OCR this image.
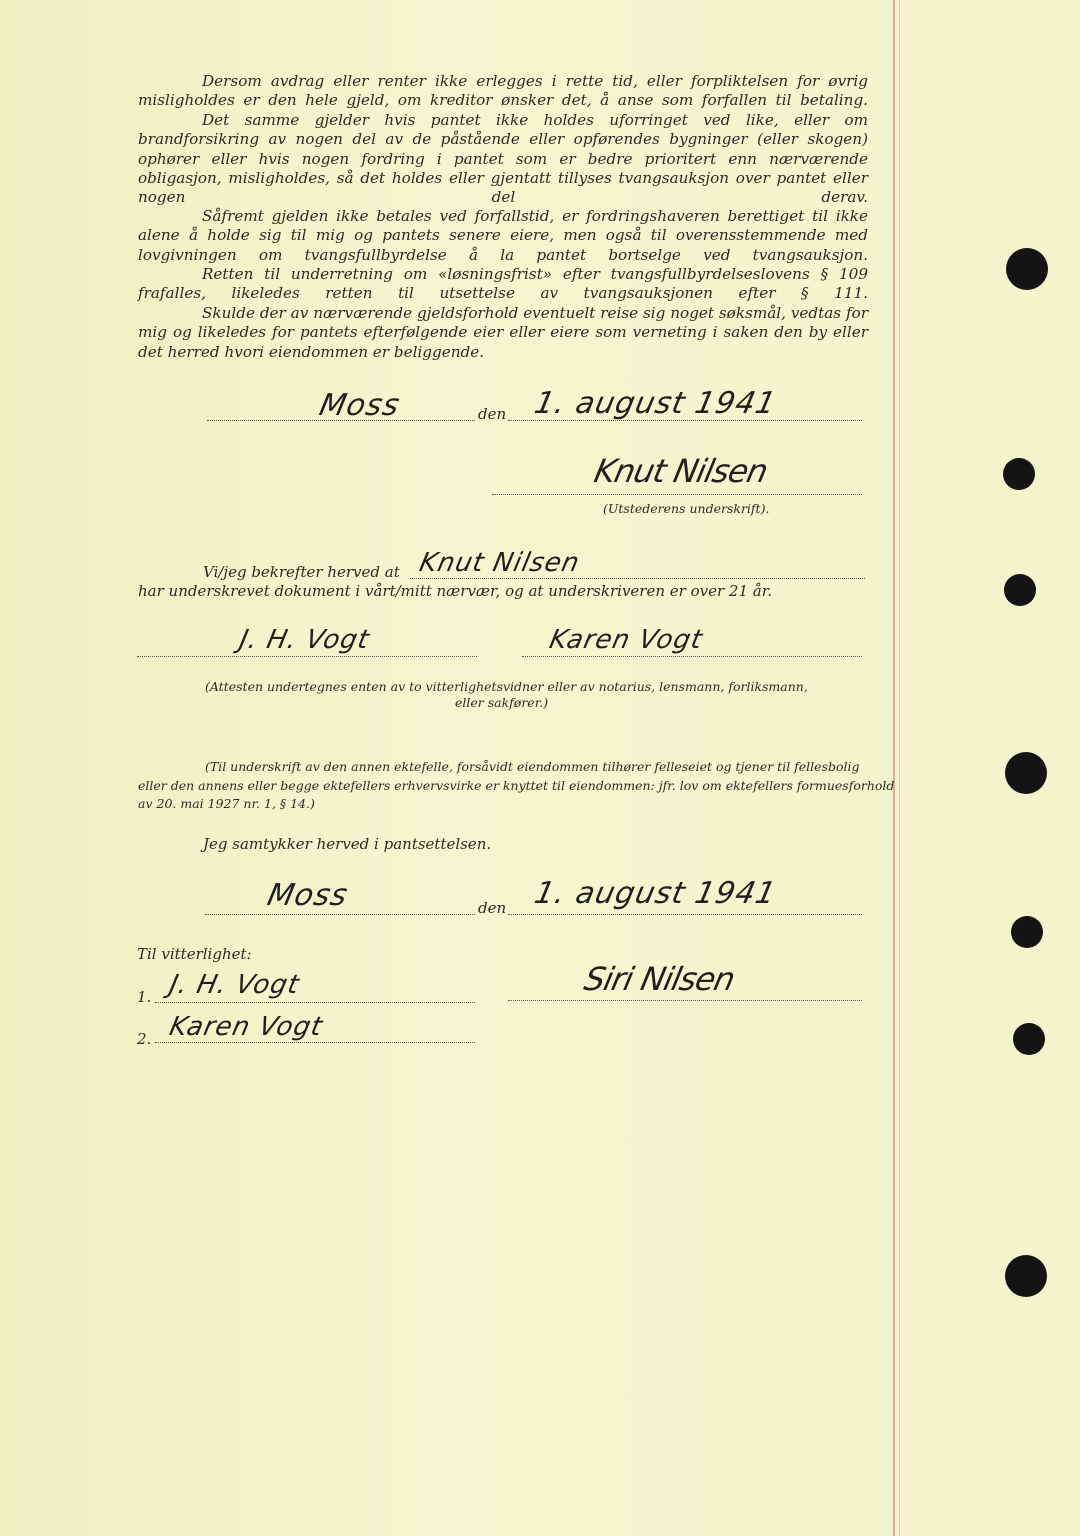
Dersom avdrag eller renter ikke erlegges i rette tid, eller forpliktelsen for øvrig misligholdes er den hele gjeld, om kreditor ønsker det, å anse som forfallen til betaling.

Det samme gjelder hvis pantet ikke holdes uforringet ved like, eller om brandforsikring av nogen del av de påstående eller opførendes bygninger (eller skogen) ophører eller hvis nogen fordring i pantet som er bedre prioritert enn nærværende obligasjon, misligholdes, så det holdes eller gjentatt tillyses tvangsauksjon over pantet eller nogen del derav.

Såfremt gjelden ikke betales ved forfallstid, er fordringshaveren berettiget til ikke alene å holde sig til mig og pantets senere eiere, men også til overensstemmende med lovgivningen om tvangsfullbyrdelse å la pantet bortselge ved tvangsauksjon.

Retten til underretning om «løsningsfrist» efter tvangsfullbyrdelseslovens § 109 frafalles, likeledes retten til utsettelse av tvangsauksjonen efter § 111.

Skulde der av nærværende gjeldsforhold eventuelt reise sig noget søksmål, vedtas for mig og likeledes for pantets efterfølgende eier eller eiere som verneting i saken den by eller det herred hvori eiendommen er beliggende.

Moss	den 1. august 1941
Knut Nilsen
(Utstederens underskrift).
Vi/jeg bekrefter herved at Knut Nilsen
har underskrevet dokument i vårt/mitt nærvær, og at underskriveren er over 21 år.
J. H. Vogt	Karen Vogt
(Attesten undertegnes enten av to vitterlighetsvidner eller av notarius, lensmann, forliksmann,
eller sakfører.)
(Til underskrift av den annen ektefelle, forsåvidt eiendommen tilhører felleseiet og tjener til fellesbolig
eller den annens eller begge ektefellers erhvervsvirke er knyttet til eiendommen: jfr. lov om ektefellers formuesforhold
av 20. mai 1927 nr. 1, § 14.)
Jeg samtykker herved i pantsettelsen.
Moss	den 1. august 1941
Til vitterlighet:
1. J. H. Vogt	Siri Nilsen
2. Karen Vogt
